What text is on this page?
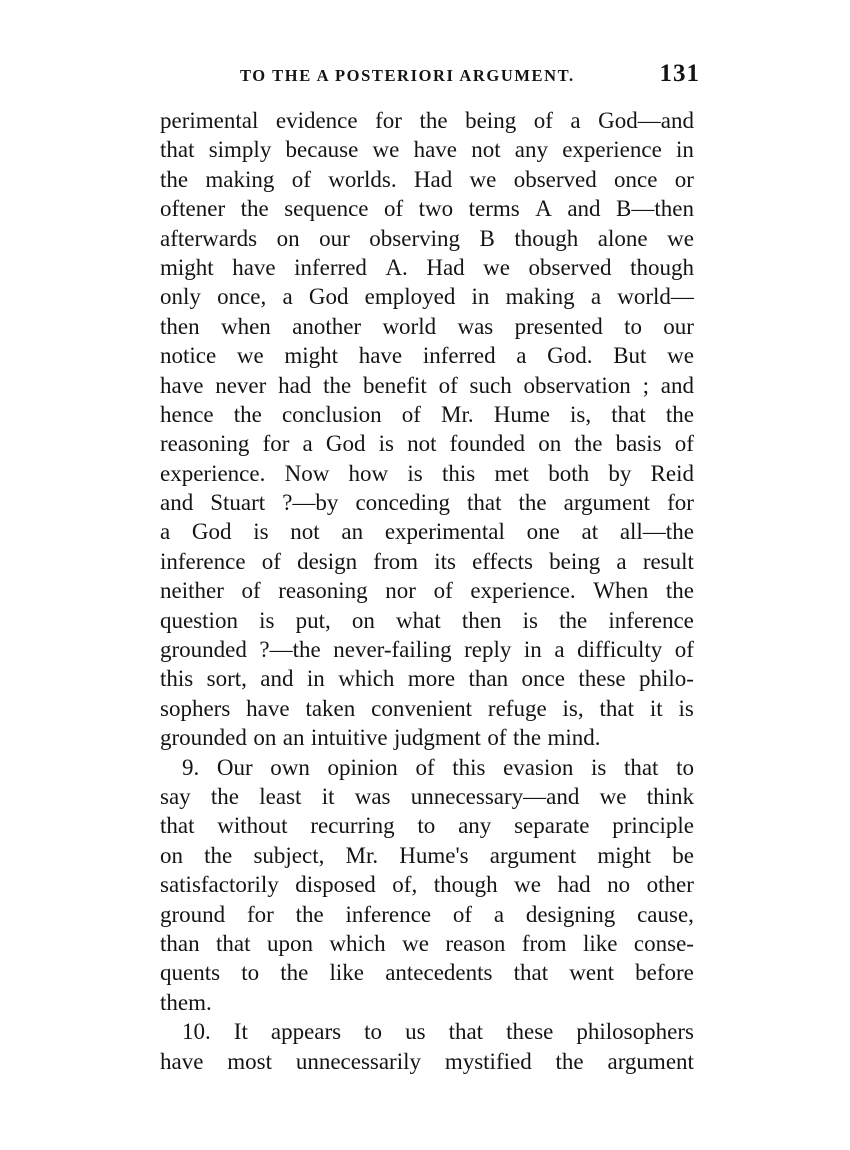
TO THE A POSTERIORI ARGUMENT.	131
perimental evidence for the being of a God—and
that simply because we have not any experience in
the making of worlds. Had we observed once or
oftener the sequence of two terms A and B—then
afterwards on our observing B though alone we
might have inferred A. Had we observed though
only once, a God employed in making a world—
then when another world was presented to our
notice we might have inferred a God. But we
have never had the benefit of such observation ; and
hence the conclusion of Mr. Hume is, that the
reasoning for a God is not founded on the basis of
experience. Now how is this met both by Reid
and Stuart ?—by conceding that the argument for
a God is not an experimental one at all—the
inference of design from its effects being a result
neither of reasoning nor of experience. When the
question is put, on what then is the inference
grounded ?—the never-failing reply in a difficulty of
this sort, and in which more than once these philo-
sophers have taken convenient refuge is, that it is
grounded on an intuitive judgment of the mind.
9. Our own opinion of this evasion is that to
say the least it was unnecessary—and we think
that without recurring to any separate principle
on the subject, Mr. Hume's argument might be
satisfactorily disposed of, though we had no other
ground for the inference of a designing cause,
than that upon which we reason from like conse-
quents to the like antecedents that went before
them.
10. It appears to us that these philosophers
have most unnecessarily mystified the argument
